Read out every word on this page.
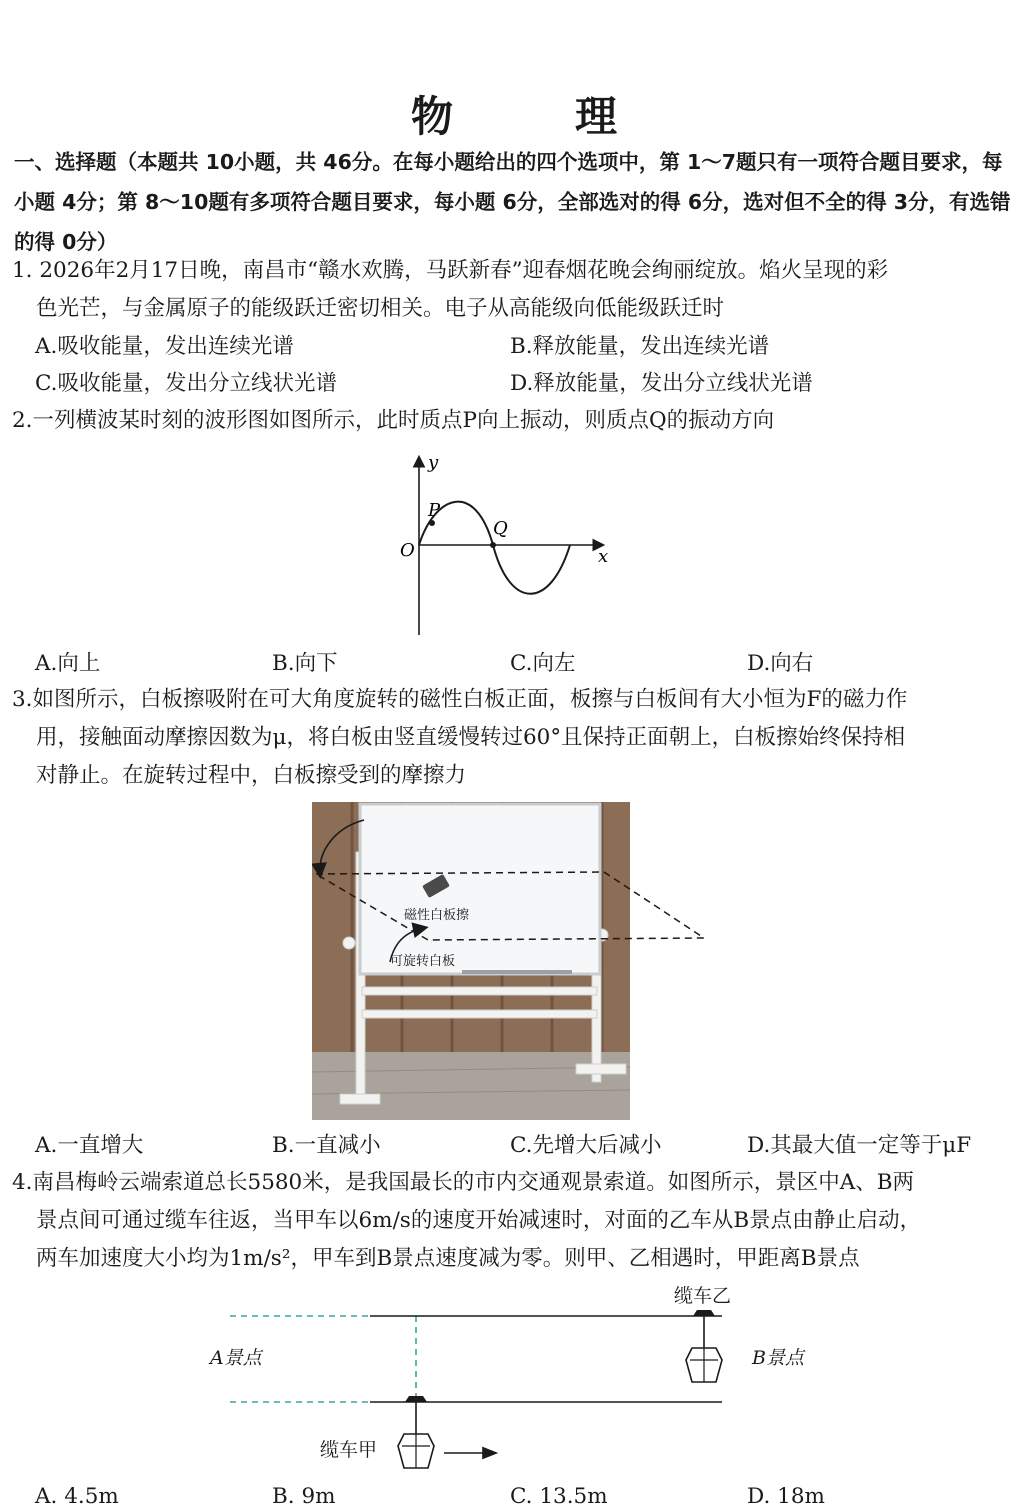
物　理
一、选择题（本题共 10小题，共 46分。在每小题给出的四个选项中，第 1～7题只有一项符合题目要求，每小题 4分；第 8～10题有多项符合题目要求，每小题 6分，全部选对的得 6分，选对但不全的得 3分，有选错的得 0分）
1. 2026年2月17日晚，南昌市“赣水欢腾，马跃新春”迎春烟花晚会绚丽绽放。焰火呈现的彩
色光芒，与金属原子的能级跃迁密切相关。电子从高能级向低能级跃迁时
A.吸收能量，发出连续光谱	B.释放能量，发出连续光谱
C.吸收能量，发出分立线状光谱	D.释放能量，发出分立线状光谱
2.一列横波某时刻的波形图如图所示，此时质点P向上振动，则质点Q的振动方向
y
x
O
P
Q
A.向上	B.向下	C.向左	D.向右
3.如图所示，白板擦吸附在可大角度旋转的磁性白板正面，板擦与白板间有大小恒为F的磁力作
用，接触面动摩擦因数为μ，将白板由竖直缓慢转过60°且保持正面朝上，白板擦始终保持相
对静止。在旋转过程中，白板擦受到的摩擦力
磁性白板擦
可旋转白板
A.一直增大	B.一直减小	C.先增大后减小	D.其最大值一定等于μF
4.南昌梅岭云端索道总长5580米，是我国最长的市内交通观景索道。如图所示，景区中A、B两
景点间可通过缆车往返，当甲车以6m/s的速度开始减速时，对面的乙车从B景点由静止启动，
两车加速度大小均为1m/s²，甲车到B景点速度减为零。则甲、乙相遇时，甲距离B景点
缆车乙
缆车甲
A景点	B景点
A. 4.5m	B. 9m	C. 13.5m	D. 18m
